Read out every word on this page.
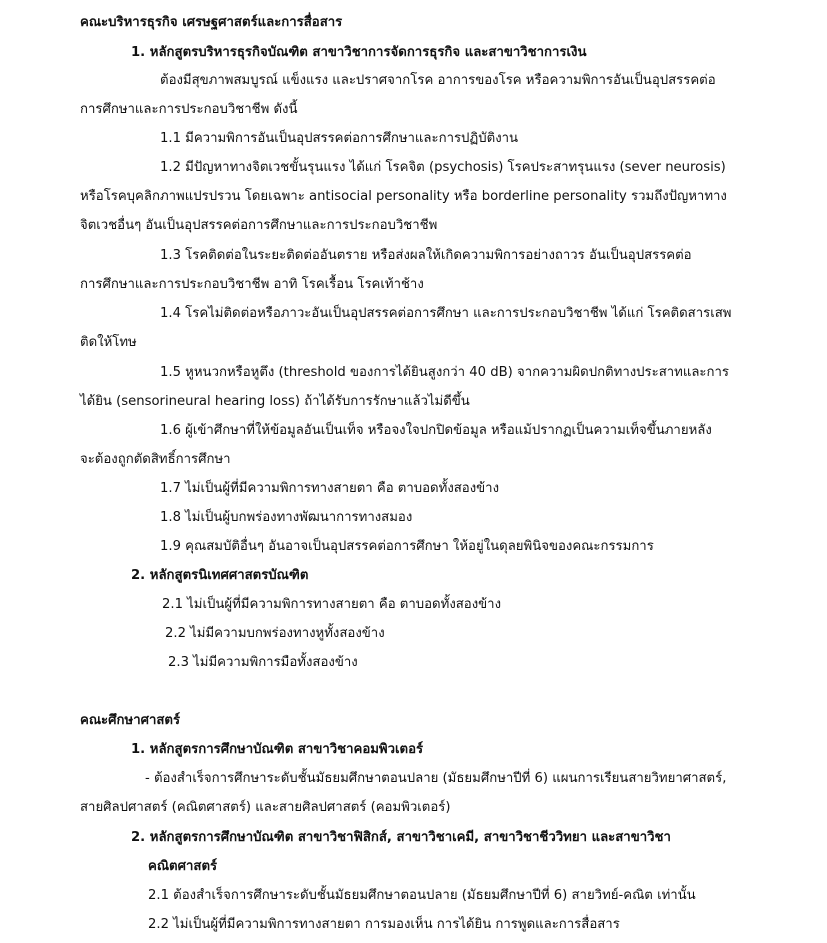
คณะบริหารธุรกิจ เศรษฐศาสตร์และการสื่อสาร
1. หลักสูตรบริหารธุรกิจบัณฑิต สาขาวิชาการจัดการธุรกิจ และสาขาวิชาการเงิน
ต้องมีสุขภาพสมบูรณ์ แข็งแรง และปราศจากโรค อาการของโรค หรือความพิการอันเป็นอุปสรรคต่อ
การศึกษาและการประกอบวิชาชีพ ดังนี้
1.1 มีความพิการอันเป็นอุปสรรคต่อการศึกษาและการปฏิบัติงาน
1.2 มีปัญหาทางจิตเวชขั้นรุนแรง ได้แก่ โรคจิต (psychosis) โรคประสาทรุนแรง (sever neurosis)
หรือโรคบุคลิกภาพแปรปรวน โดยเฉพาะ antisocial personality หรือ borderline personality รวมถึงปัญหาทาง
จิตเวชอื่นๆ อันเป็นอุปสรรคต่อการศึกษาและการประกอบวิชาชีพ
1.3 โรคติดต่อในระยะติดต่ออันตราย หรือส่งผลให้เกิดความพิการอย่างถาวร อันเป็นอุปสรรคต่อ
การศึกษาและการประกอบวิชาชีพ อาทิ โรคเรื้อน โรคเท้าช้าง
1.4 โรคไม่ติดต่อหรือภาวะอันเป็นอุปสรรคต่อการศึกษา และการประกอบวิชาชีพ ได้แก่ โรคติดสารเสพ
ติดให้โทษ
1.5 หูหนวกหรือหูตึง (threshold ของการได้ยินสูงกว่า 40 dB) จากความผิดปกติทางประสาทและการ
ได้ยิน (sensorineural hearing loss) ถ้าได้รับการรักษาแล้วไม่ดีขึ้น
1.6 ผู้เข้าศึกษาที่ให้ข้อมูลอันเป็นเท็จ หรือจงใจปกปิดข้อมูล หรือแม้ปรากฏเป็นความเท็จขึ้นภายหลัง
จะต้องถูกตัดสิทธิ์การศึกษา
1.7 ไม่เป็นผู้ที่มีความพิการทางสายตา คือ ตาบอดทั้งสองข้าง
1.8 ไม่เป็นผู้บกพร่องทางพัฒนาการทางสมอง
1.9 คุณสมบัติอื่นๆ อันอาจเป็นอุปสรรคต่อการศึกษา ให้อยู่ในดุลยพินิจของคณะกรรมการ
2. หลักสูตรนิเทศศาสตรบัณฑิต
2.1 ไม่เป็นผู้ที่มีความพิการทางสายตา คือ ตาบอดทั้งสองข้าง
2.2 ไม่มีความบกพร่องทางหูทั้งสองข้าง
2.3 ไม่มีความพิการมือทั้งสองข้าง
คณะศึกษาศาสตร์
1. หลักสูตรการศึกษาบัณฑิต สาขาวิชาคอมพิวเตอร์
- ต้องสำเร็จการศึกษาระดับชั้นมัธยมศึกษาตอนปลาย (มัธยมศึกษาปีที่ 6) แผนการเรียนสายวิทยาศาสตร์,
สายศิลปศาสตร์ (คณิตศาสตร์) และสายศิลปศาสตร์ (คอมพิวเตอร์)
2. หลักสูตรการศึกษาบัณฑิต สาขาวิชาฟิสิกส์, สาขาวิชาเคมี, สาขาวิชาชีววิทยา และสาขาวิชา
คณิตศาสตร์
2.1 ต้องสำเร็จการศึกษาระดับชั้นมัธยมศึกษาตอนปลาย (มัธยมศึกษาปีที่ 6) สายวิทย์-คณิต เท่านั้น
2.2 ไม่เป็นผู้ที่มีความพิการทางสายตา การมองเห็น การได้ยิน การพูดและการสื่อสาร
